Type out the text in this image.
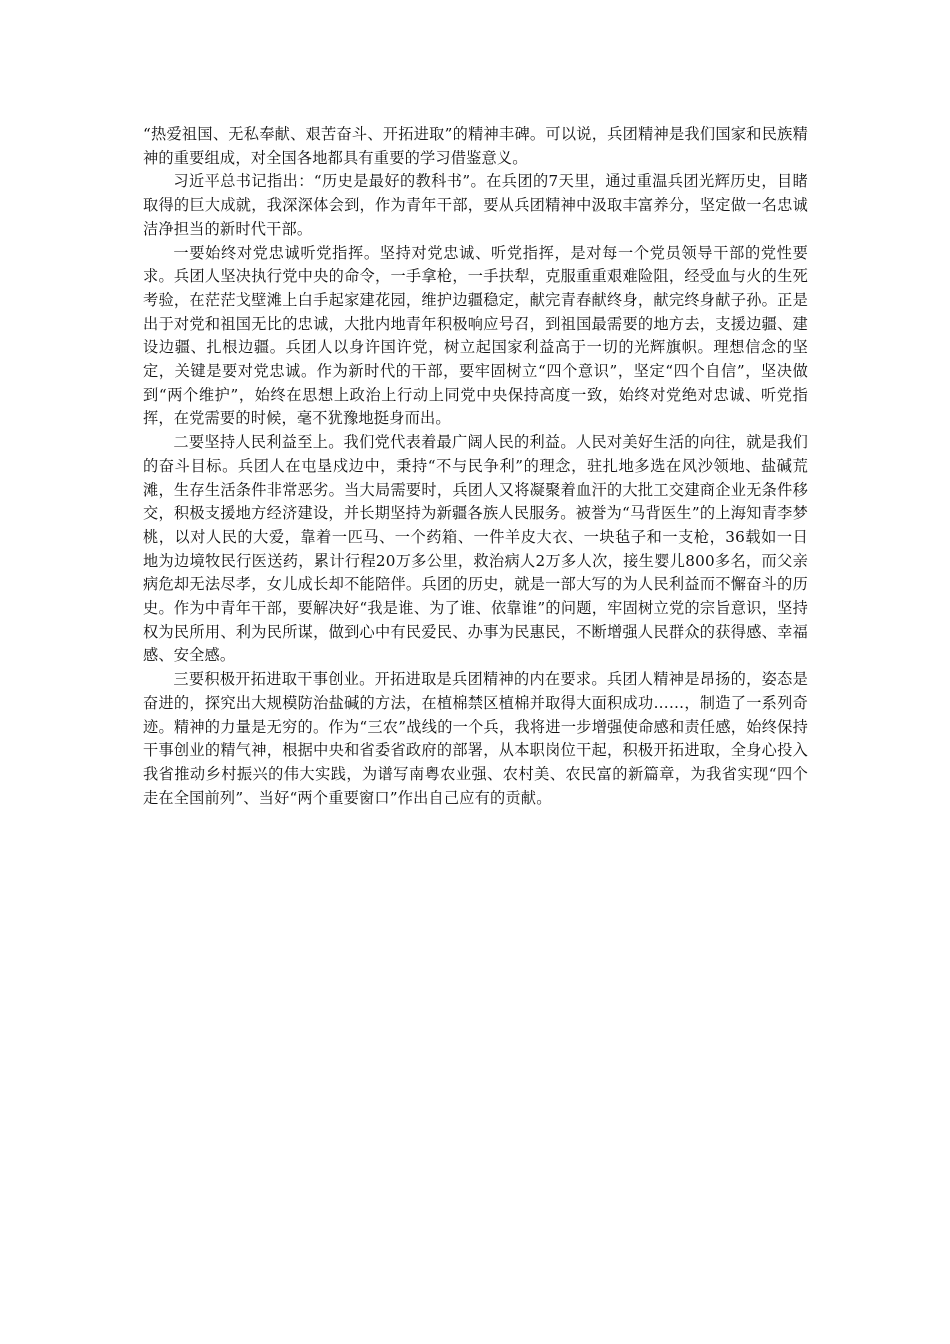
“热爱祖国、无私奉献、艰苦奋斗、开拓进取”的精神丰碑。可以说，兵团精神是我们国家和民族精神的重要组成，对全国各地都具有重要的学习借鉴意义。

习近平总书记指出：“历史是最好的教科书”。在兵团的7天里，通过重温兵团光辉历史，目睹取得的巨大成就，我深深体会到，作为青年干部，要从兵团精神中汲取丰富养分，坚定做一名忠诚洁净担当的新时代干部。

一要始终对党忠诚听党指挥。坚持对党忠诚、听党指挥，是对每一个党员领导干部的党性要求。兵团人坚决执行党中央的命令，一手拿枪，一手扶犁，克服重重艰难险阻，经受血与火的生死考验，在茫茫戈壁滩上白手起家建花园，维护边疆稳定，献完青春献终身，献完终身献子孙。正是出于对党和祖国无比的忠诚，大批内地青年积极响应号召，到祖国最需要的地方去，支援边疆、建设边疆、扎根边疆。兵团人以身许国许党，树立起国家利益高于一切的光辉旗帜。理想信念的坚定，关键是要对党忠诚。作为新时代的干部，要牢固树立“四个意识”，坚定“四个自信”，坚决做到“两个维护”，始终在思想上政治上行动上同党中央保持高度一致，始终对党绝对忠诚、听党指挥，在党需要的时候，毫不犹豫地挺身而出。

二要坚持人民利益至上。我们党代表着最广阔人民的利益。人民对美好生活的向往，就是我们的奋斗目标。兵团人在屯垦戍边中，秉持“不与民争利”的理念，驻扎地多选在风沙领地、盐碱荒滩，生存生活条件非常恶劣。当大局需要时，兵团人又将凝聚着血汗的大批工交建商企业无条件移交，积极支援地方经济建设，并长期坚持为新疆各族人民服务。被誉为“马背医生”的上海知青李梦桃，以对人民的大爱，靠着一匹马、一个药箱、一件羊皮大衣、一块毡子和一支枪，36载如一日地为边境牧民行医送药，累计行程20万多公里，救治病人2万多人次，接生婴儿800多名，而父亲病危却无法尽孝，女儿成长却不能陪伴。兵团的历史，就是一部大写的为人民利益而不懈奋斗的历史。作为中青年干部，要解决好“我是谁、为了谁、依靠谁”的问题，牢固树立党的宗旨意识，坚持权为民所用、利为民所谋，做到心中有民爱民、办事为民惠民，不断增强人民群众的获得感、幸福感、安全感。

三要积极开拓进取干事创业。开拓进取是兵团精神的内在要求。兵团人精神是昂扬的，姿态是奋进的，探究出大规模防治盐碱的方法，在植棉禁区植棉并取得大面积成功……，制造了一系列奇迹。精神的力量是无穷的。作为“三农”战线的一个兵，我将进一步增强使命感和责任感，始终保持干事创业的精气神，根据中央和省委省政府的部署，从本职岗位干起，积极开拓进取，全身心投入我省推动乡村振兴的伟大实践，为谱写南粤农业强、农村美、农民富的新篇章，为我省实现“四个走在全国前列”、当好“两个重要窗口”作出自己应有的贡献。
